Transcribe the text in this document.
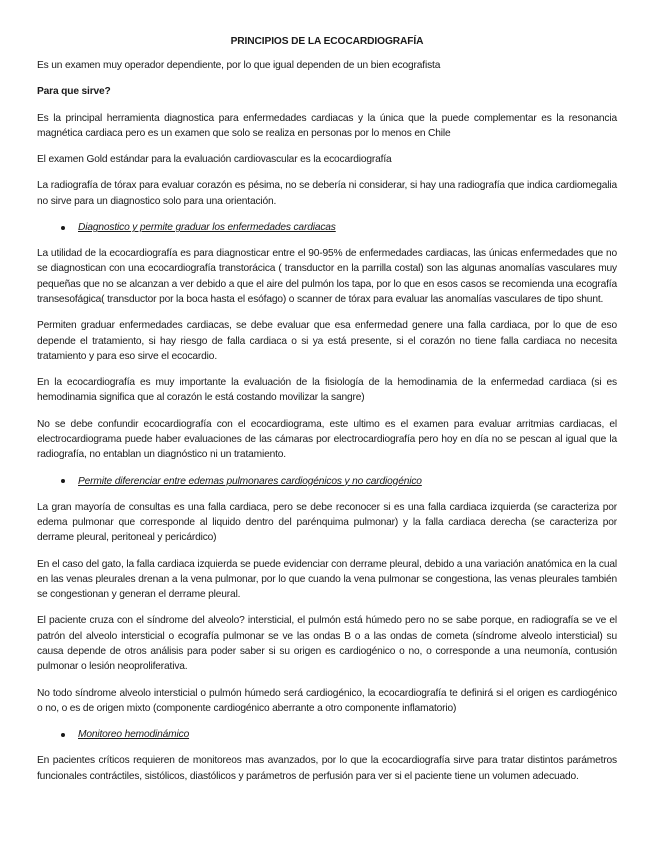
PRINCIPIOS DE LA ECOCARDIOGRAFÍA

Es un examen muy operador dependiente, por lo que igual dependen de un bien ecografista

Para que sirve?

Es la principal herramienta diagnostica para enfermedades cardiacas y la única que la puede complementar es la resonancia magnética cardiaca pero es un examen que solo se realiza en personas por lo menos en Chile

El examen Gold estándar para la evaluación cardiovascular es la ecocardiografía

La radiografía de tórax para evaluar corazón es pésima, no se debería ni considerar, si hay una radiografía que indica cardiomegalia no sirve para un diagnostico solo para una orientación.

Diagnostico y permite graduar los enfermedades cardiacas

La utilidad de la ecocardiografía es para diagnosticar entre el 90-95% de enfermedades cardiacas, las únicas enfermedades que no se diagnostican con una ecocardiografía transtorácica ( transductor en la parrilla costal) son las algunas anomalías vasculares muy pequeñas que no se alcanzan a ver debido a que el aire del pulmón los tapa, por lo que en esos casos se recomienda una ecografía transesofágica( transductor por la boca hasta el esófago) o scanner de tórax para evaluar las anomalías vasculares de tipo shunt.

Permiten graduar enfermedades cardiacas, se debe evaluar que esa enfermedad genere una falla cardiaca, por lo que de eso depende el tratamiento, si hay riesgo de falla cardiaca o si ya está presente, si el corazón no tiene falla cardiaca no necesita tratamiento y para eso sirve el ecocardio.

En la ecocardiografía es muy importante la evaluación de la fisiología de la hemodinamia de la enfermedad cardiaca (si es hemodinamia significa que al corazón le está costando movilizar la sangre)

No se debe confundir ecocardiografía con el ecocardiograma, este ultimo es el examen para evaluar arritmias cardiacas, el electrocardiograma puede haber evaluaciones de las cámaras por electrocardiografía pero hoy en día no se pescan al igual que la radiografía, no entablan un diagnóstico ni un tratamiento.

Permite diferenciar entre edemas pulmonares cardiogénicos y no cardiogénico

La gran mayoría de consultas es una falla cardiaca, pero se debe reconocer si es una falla cardiaca izquierda (se caracteriza por edema pulmonar que corresponde al liquido dentro del parénquima pulmonar) y la falla cardiaca derecha (se caracteriza por derrame pleural, peritoneal y pericárdico)

En el caso del gato, la falla cardiaca izquierda se puede evidenciar con derrame pleural, debido a una variación anatómica en la cual en las venas pleurales drenan a la vena pulmonar, por lo que cuando la vena pulmonar se congestiona, las venas pleurales también se congestionan y generan el derrame pleural.

El paciente cruza con el síndrome del alveolo? intersticial, el pulmón está húmedo pero no se sabe porque, en radiografía se ve el patrón del alveolo intersticial o ecografía pulmonar se ve las ondas B o a las ondas de cometa (síndrome alveolo intersticial) su causa depende de otros análisis para poder saber si su origen es cardiogénico o no, o corresponde a una neumonía, contusión pulmonar o lesión neoproliferativa.

No todo síndrome alveolo intersticial o pulmón húmedo será cardiogénico, la ecocardiografía te definirá si el origen es cardiogénico o no, o es de origen mixto (componente cardiogénico aberrante a otro componente inflamatorio)

Monitoreo hemodinámico

En pacientes críticos requieren de monitoreos mas avanzados, por lo que la ecocardiografía sirve para tratar distintos parámetros funcionales contráctiles, sistólicos, diastólicos y parámetros de perfusión para ver si el paciente tiene un volumen adecuado.
